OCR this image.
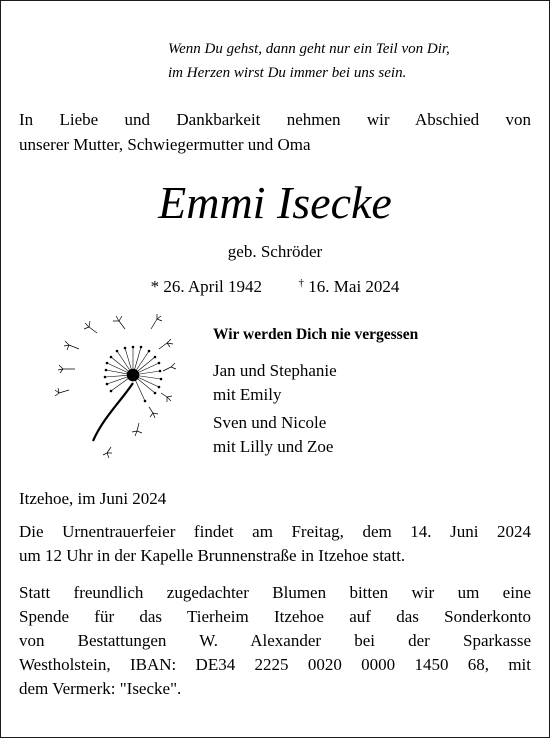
Wenn Du gehst, dann geht nur ein Teil von Dir,
im Herzen wirst Du immer bei uns sein.
In Liebe und Dankbarkeit nehmen wir Abschied von
unserer Mutter, Schwiegermutter und Oma
Emmi Isecke
geb. Schröder
* 26. April 1942	† 16. Mai 2024
Wir werden Dich nie vergessen
Jan und Stephanie
mit Emily
Sven und Nicole
mit Lilly und Zoe
Itzehoe, im Juni 2024
Die Urnentrauerfeier findet am Freitag, dem 14. Juni 2024
um 12 Uhr in der Kapelle Brunnenstraße in Itzehoe statt.
Statt freundlich zugedachter Blumen bitten wir um eine
Spende für das Tierheim Itzehoe auf das Sonderkonto
von Bestattungen W. Alexander bei der Sparkasse
Westholstein, IBAN: DE34 2225 0020 0000 1450 68, mit
dem Vermerk: "Isecke".
